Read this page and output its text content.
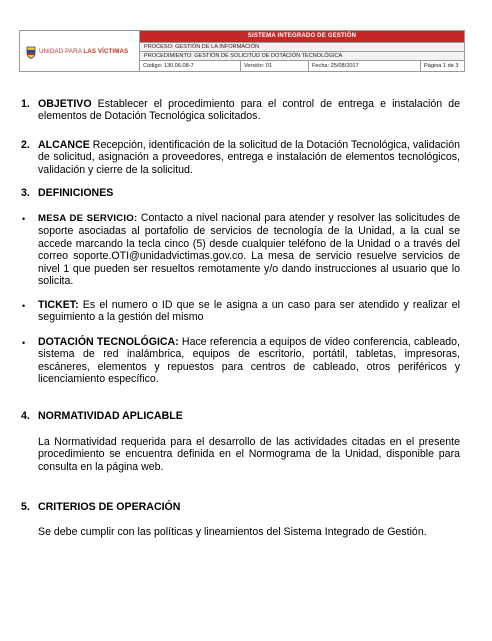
UNIDAD PARA LAS VÍCTIMAS
SISTEMA INTEGRADO DE GESTIÓN
PROCESO: GESTIÓN DE LA INFORMACIÓN
PROCEDIMIENTO: GESTIÓN DE SOLICITUD DE DOTACIÓN TECNOLÓGICA
Código: 130.06.08-7	Versión: 01	Fecha: 25/08/2017	Página 1 de 3
1. OBJETIVO Establecer el procedimiento para el control de entrega e instalación de elementos de Dotación Tecnológica solicitados.
2. ALCANCE Recepción, identificación de la solicitud de la Dotación Tecnológica, validación de solicitud, asignación a proveedores, entrega e instalación de elementos tecnológicos, validación y cierre de la solicitud.
3. DEFINICIONES
• MESA DE SERVICIO: Contacto a nivel nacional para atender y resolver las solicitudes de soporte asociadas al portafolio de servicios de tecnología de la Unidad, a la cual se accede marcando la tecla cinco (5) desde cualquier teléfono de la Unidad o a través del correo soporte.OTI@unidadvictimas.gov.co. La mesa de servicio resuelve servicios de nivel 1 que pueden ser resueltos remotamente y/o dando instrucciones al usuario que lo solicita.
• TICKET: Es el numero o ID que se le asigna a un caso para ser atendido y realizar el seguimiento a la gestión del mismo
• DOTACIÓN TECNOLÓGICA: Hace referencia a equipos de video conferencia, cableado, sistema de red inalámbrica, equipos de escritorio, portátil, tabletas, impresoras, escáneres, elementos y repuestos para centros de cableado, otros periféricos y licenciamiento específico.
4. NORMATIVIDAD APLICABLE
La Normatividad requerida para el desarrollo de las actividades citadas en el presente procedimiento se encuentra definida en el Normograma de la Unidad, disponible para consulta en la página web.
5. CRITERIOS DE OPERACIÓN
Se debe cumplir con las políticas y lineamientos del Sistema Integrado de Gestión.
